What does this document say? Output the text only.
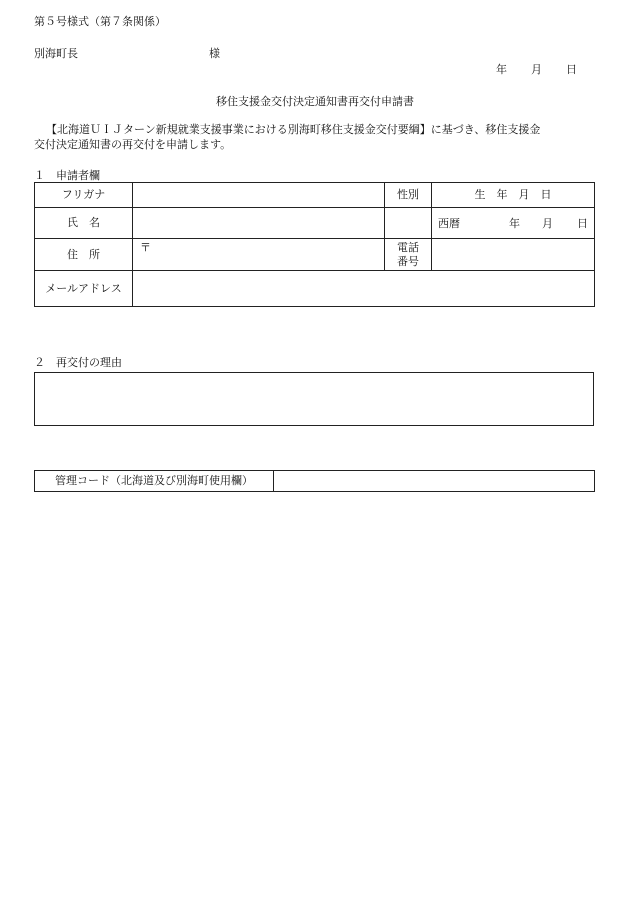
第５号様式（第７条関係）
別海町長	様
年 月 日
移住支援金交付決定通知書再交付申請書
【北海道ＵＩＪターン新規就業支援事業における別海町移住支援金交付要綱】に基づき、移住支援金
交付決定通知書の再交付を申請します。
１　申請者欄
フリガナ		性別	生　年　月　日
氏　名			西暦 年 月 日

住　所	〒	電話
番号	
メールアドレス			
２　再交付の理由
管理コード（北海道及び別海町使用欄）	
